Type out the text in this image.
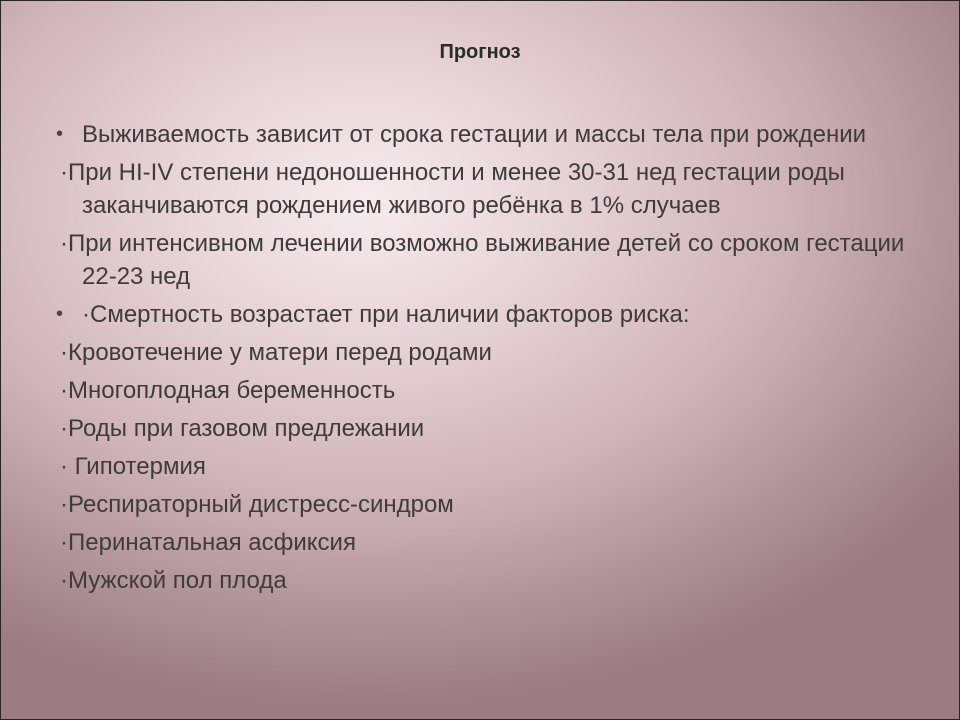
Прогноз
• Выживаемость зависит от срока гестации и массы тела при рождении
·При HI-IV степени недоношенности и менее 30-31 нед гестации роды заканчиваются рождением живого ребёнка в 1% случаев
·При интенсивном лечении возможно выживание детей со сроком гестации 22-23 нед
• ·Смертность возрастает при наличии факторов риска:
·Кровотечение у матери перед родами
·Многоплодная беременность
·Роды при газовом предлежании
· Гипотермия
·Респираторный дистресс-синдром
·Перинатальная асфиксия
·Мужской пол плода
